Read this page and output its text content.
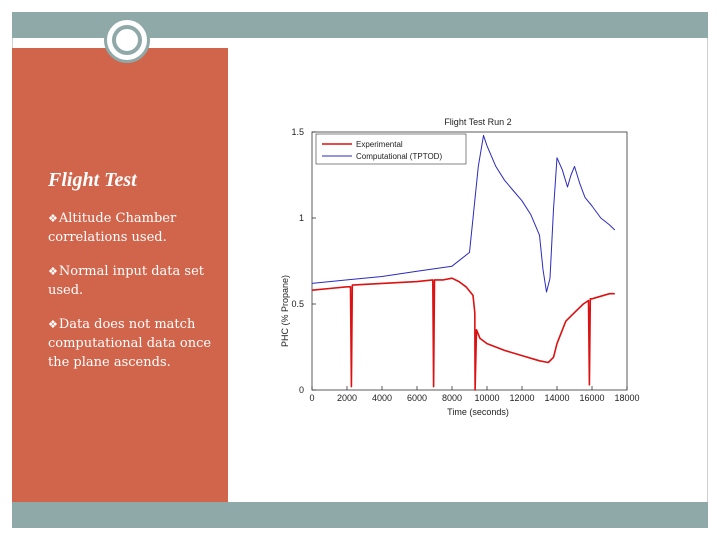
Flight Test
❖Altitude Chamber correlations used.
❖Normal input data set used.
❖Data does not match computational data once the plane ascends.
Flight Test Run 2
Time (seconds)
PHC (% Propane)
0
0.5
1
1.5
0 2000 4000 6000 8000 10000 12000 14000 16000 18000
Experimental
Computational (TPTOD)
